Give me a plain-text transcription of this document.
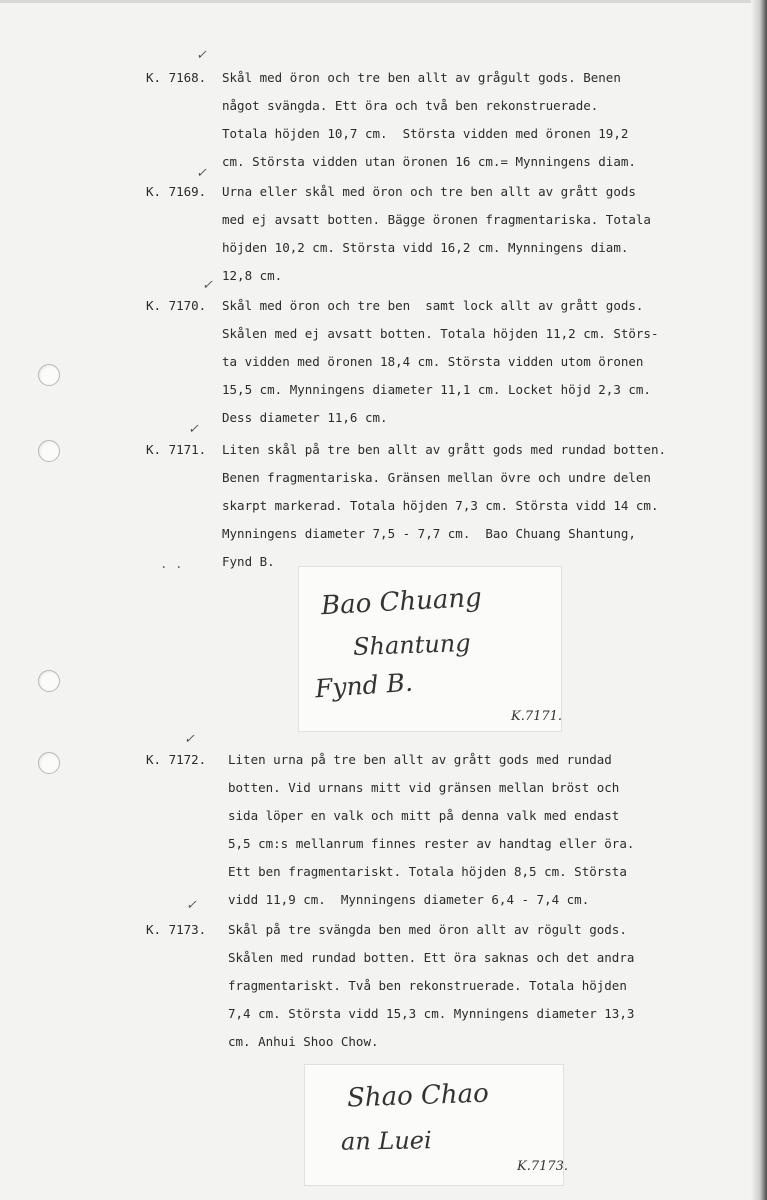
✓
K. 7168. Skål med öron och tre ben allt av grågult gods. Benen
något svängda. Ett öra och två ben rekonstruerade.
Totala höjden 10,7 cm.  Största vidden med öronen 19,2
cm. Största vidden utan öronen 16 cm.= Mynningens diam.
✓
K. 7169. Urna eller skål med öron och tre ben allt av grått gods
med ej avsatt botten. Bägge öronen fragmentariska. Totala
höjden 10,2 cm. Största vidd 16,2 cm. Mynningens diam.
12,8 cm.
✓
K. 7170. Skål med öron och tre ben  samt lock allt av grått gods.
Skålen med ej avsatt botten. Totala höjden 11,2 cm. Störs-
ta vidden med öronen 18,4 cm. Största vidden utom öronen
15,5 cm. Mynningens diameter 11,1 cm. Locket höjd 2,3 cm.
Dess diameter 11,6 cm.
✓
K. 7171. Liten skål på tre ben allt av grått gods med rundad botten.
Benen fragmentariska. Gränsen mellan övre och undre delen
skarpt markerad. Totala höjden 7,3 cm. Största vidd 14 cm.
Mynningens diameter 7,5 - 7,7 cm.  Bao Chuang Shantung,
Fynd B.
. .
Bao Chuang
Shantung
Fynd B.
K.7171.
✓
K. 7172. Liten urna på tre ben allt av grått gods med rundad
botten. Vid urnans mitt vid gränsen mellan bröst och
sida löper en valk och mitt på denna valk med endast
5,5 cm:s mellanrum finnes rester av handtag eller öra.
Ett ben fragmentariskt. Totala höjden 8,5 cm. Största
vidd 11,9 cm.  Mynningens diameter 6,4 - 7,4 cm.
✓
K. 7173. Skål på tre svängda ben med öron allt av rögult gods.
Skålen med rundad botten. Ett öra saknas och det andra
fragmentariskt. Två ben rekonstruerade. Totala höjden
7,4 cm. Största vidd 15,3 cm. Mynningens diameter 13,3
cm. Anhui Shoo Chow.
Shao Chao
an Luei
K.7173.
